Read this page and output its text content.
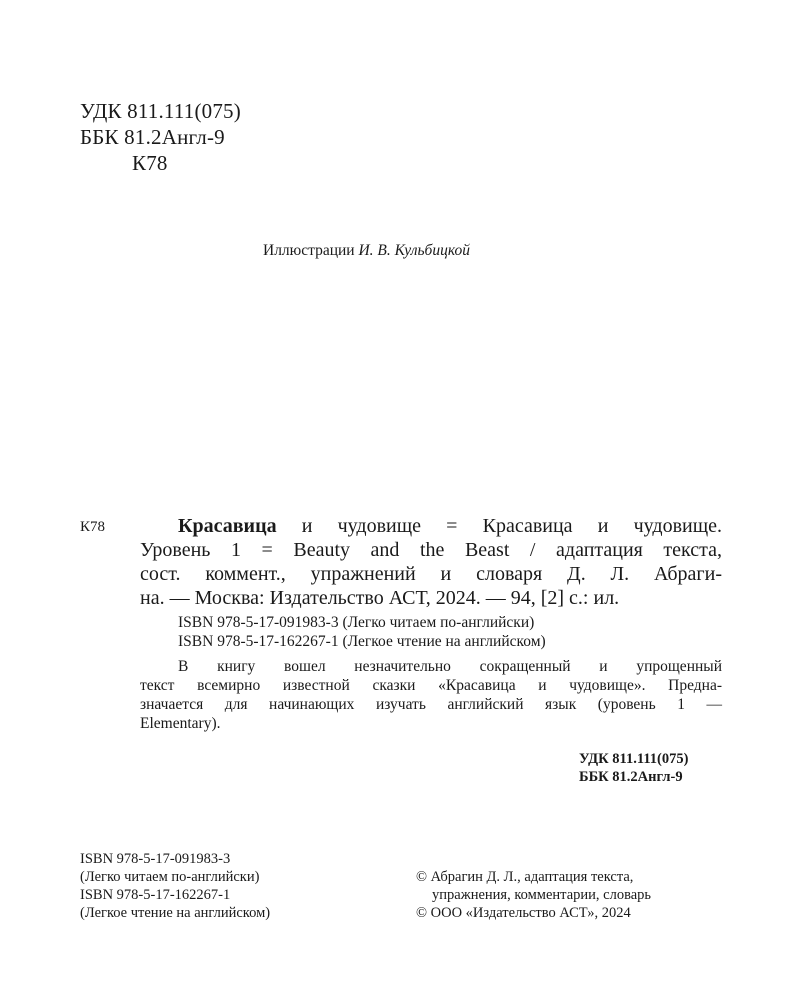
УДК 811.111(075)

ББК 81.2Англ-9

К78

Иллюстрации И. В. Кульбицкой

К78	Красавица и чудовище = Красавица и чудовище.
Уровень 1 = Beauty and the Beast / адаптация текста,
сост. коммент., упражнений и словаря Д. Л. Абраги-
на. — Москва: Издательство АСТ, 2024. — 94, [2] с.: ил.

ISBN 978-5-17-091983-3 (Легко читаем по-английски)

ISBN 978-5-17-162267-1 (Легкое чтение на английском)

В книгу вошел незначительно сокращенный и упрощенный
текст всемирно известной сказки «Красавица и чудовище». Предна-
значается для начинающих изучать английский язык (уровень 1 —
Elementary).

УДК 811.111(075)

ББК 81.2Англ-9

ISBN 978-5-17-091983-3

(Легко читаем по-английски)

ISBN 978-5-17-162267-1

(Легкое чтение на английском)

© Абрагин Д. Л., адаптация текста,

упражнения, комментарии, словарь

© ООО «Издательство АСТ», 2024
